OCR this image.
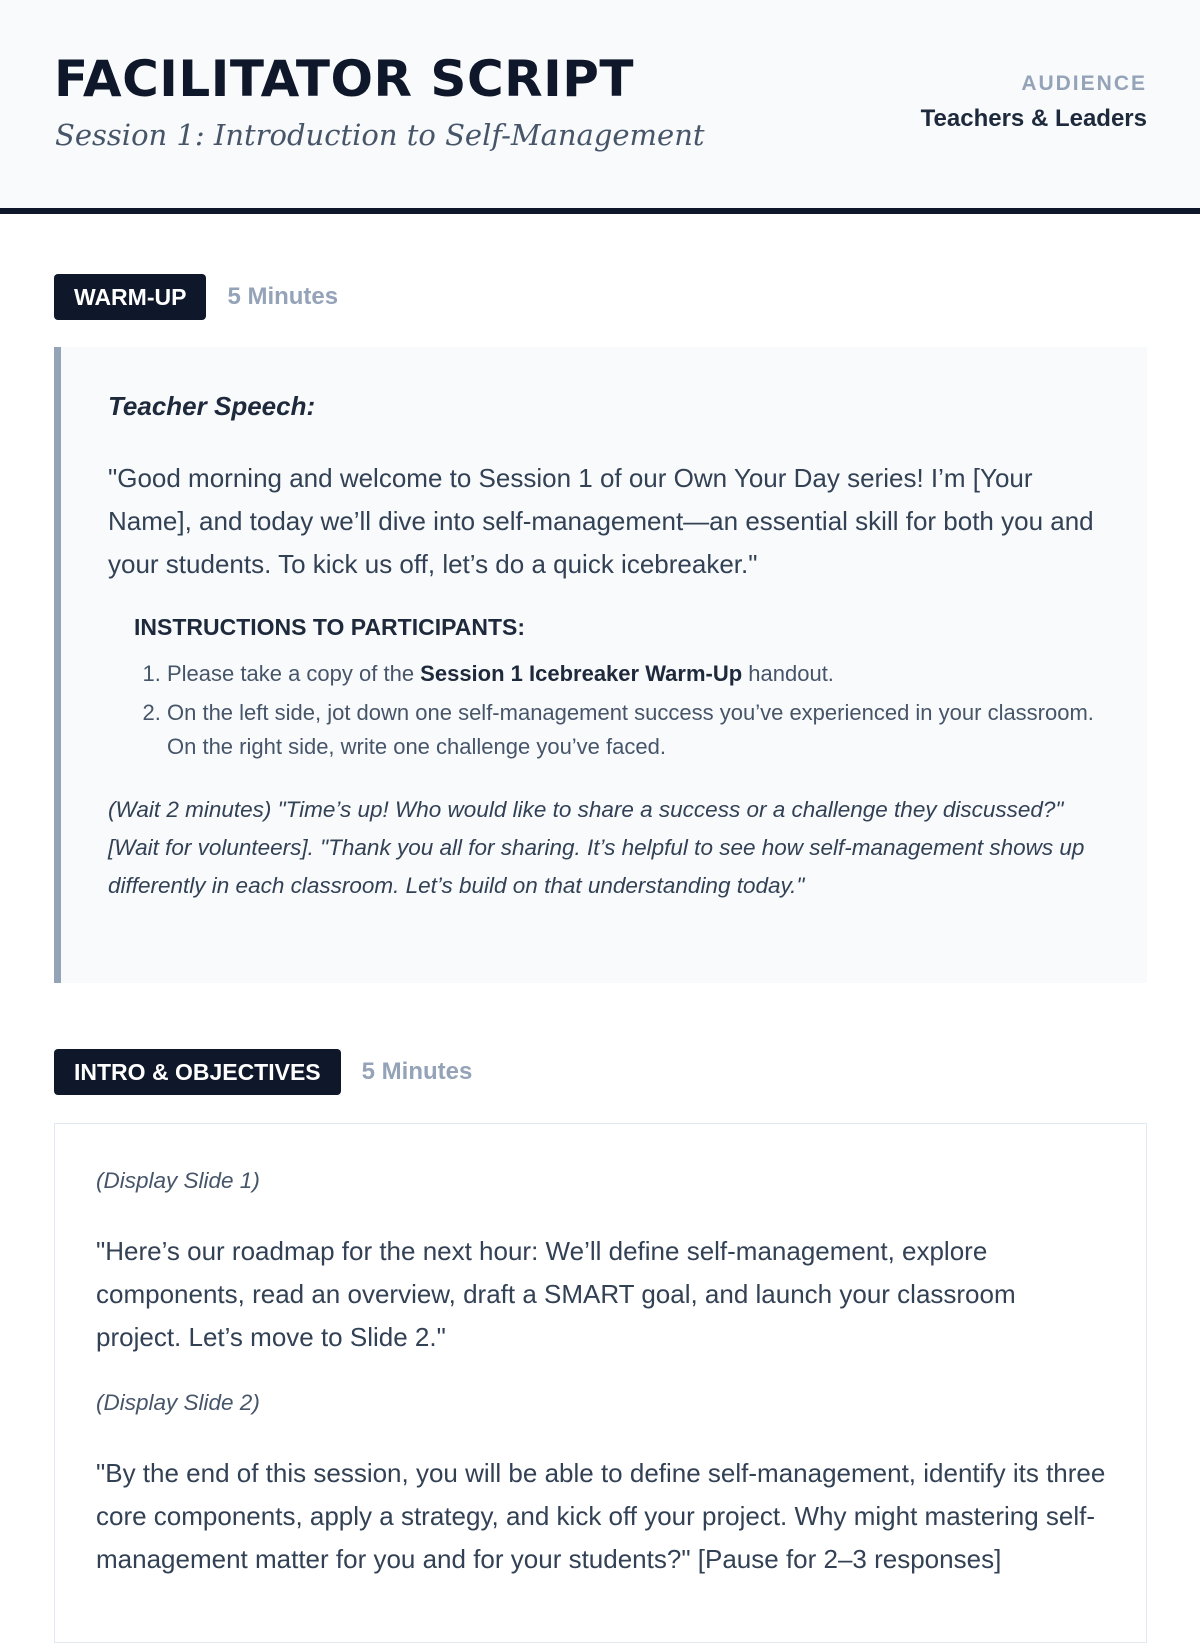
FACILITATOR SCRIPT
Session 1: Introduction to Self-Management
AUDIENCE
Teachers & Leaders
WARM-UP	5 Minutes
Teacher Speech:

"Good morning and welcome to Session 1 of our Own Your Day series! I’m [Your Name], and today we’ll dive into self-management—an essential skill for both you and your students. To kick us off, let’s do a quick icebreaker."

INSTRUCTIONS TO PARTICIPANTS:
1. Please take a copy of the Session 1 Icebreaker Warm-Up handout.
2. On the left side, jot down one self-management success you’ve experienced in your classroom. On the right side, write one challenge you’ve faced.

(Wait 2 minutes) "Time’s up! Who would like to share a success or a challenge they discussed?" [Wait for volunteers]. "Thank you all for sharing. It’s helpful to see how self-management shows up differently in each classroom. Let’s build on that understanding today."

INTRO & OBJECTIVES	5 Minutes
(Display Slide 1)

"Here’s our roadmap for the next hour: We’ll define self-management, explore components, read an overview, draft a SMART goal, and launch your classroom project. Let’s move to Slide 2."

(Display Slide 2)

"By the end of this session, you will be able to define self-management, identify its three core components, apply a strategy, and kick off your project. Why might mastering self-management matter for you and for your students?" [Pause for 2–3 responses]
